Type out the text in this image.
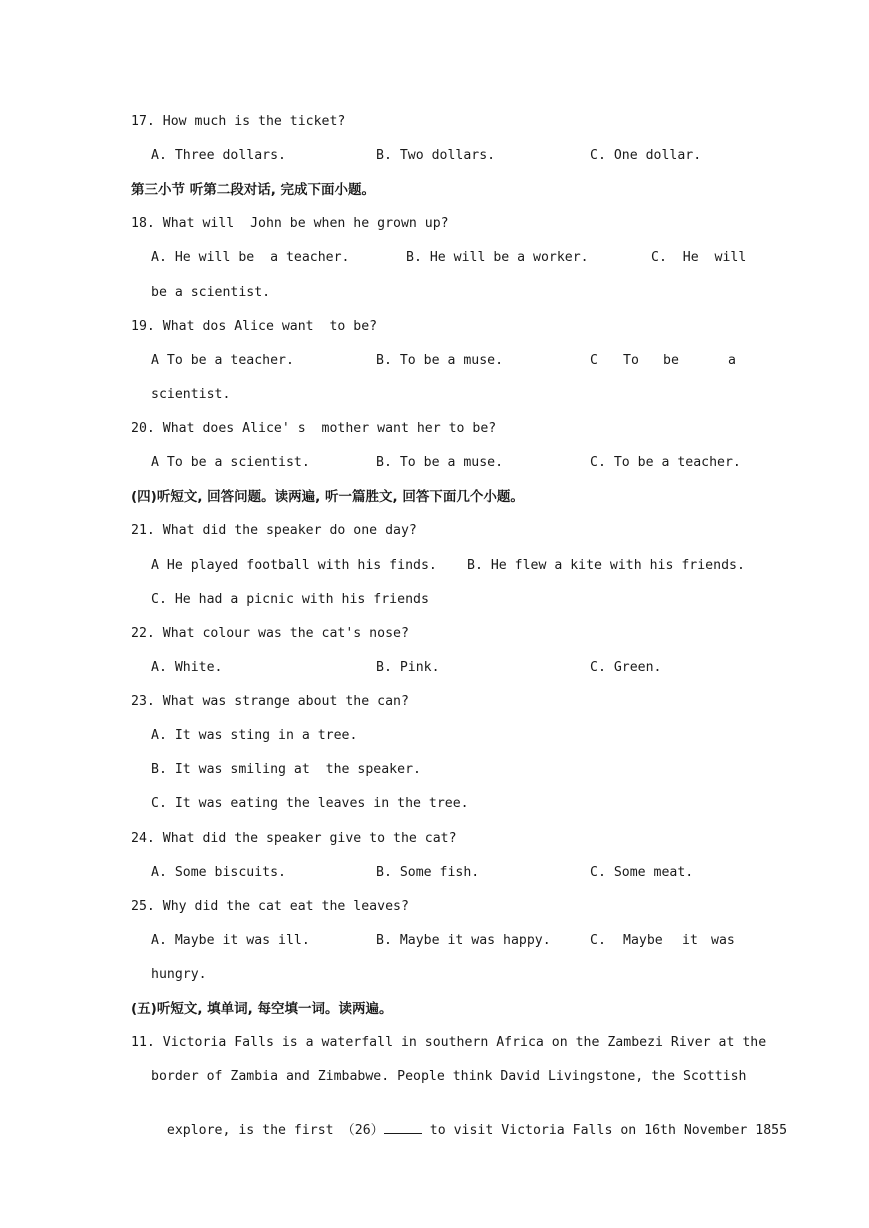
17. How much is the ticket?
A. Three dollars.	B. Two dollars.	C. One dollar.
第三小节 听第二段对话, 完成下面小题。
18. What will  John be when he grown up?
A. He will be  a teacher.	B. He will be a worker.	C.  He  will
be a scientist.
19. What dos Alice want  to be?
A To be a teacher.	B. To be a muse.	C To be	a
scientist.
20. What does Alice' s  mother want her to be?
A To be a scientist.	B. To be a muse.	C. To be a teacher.
(四)听短文, 回答问题。读两遍, 听一篇胜文, 回答下面几个小题。
21. What did the speaker do one day?
A He played football with his finds. B. He flew a kite with his friends.
C. He had a picnic with his friends
22. What colour was the cat's nose?
A. White.	B. Pink.	C. Green.
23. What was strange about the can?
A. It was sting in a tree.
B. It was smiling at  the speaker.
C. It was eating the leaves in the tree.
24. What did the speaker give to the cat?
A. Some biscuits.	B. Some fish.	C. Some meat.
25. Why did the cat eat the leaves?
A. Maybe it was ill.	B. Maybe it was happy.	C. Maybe it was
hungry.
(五)听短文, 填单词, 每空填一词。读两遍。
11. Victoria Falls is a waterfall in southern Africa on the Zambezi River at the
border of Zambia and Zimbabwe. People think David Livingstone, the Scottish

explore, is the first （26）	to visit Victoria Falls on 16th November 1855
